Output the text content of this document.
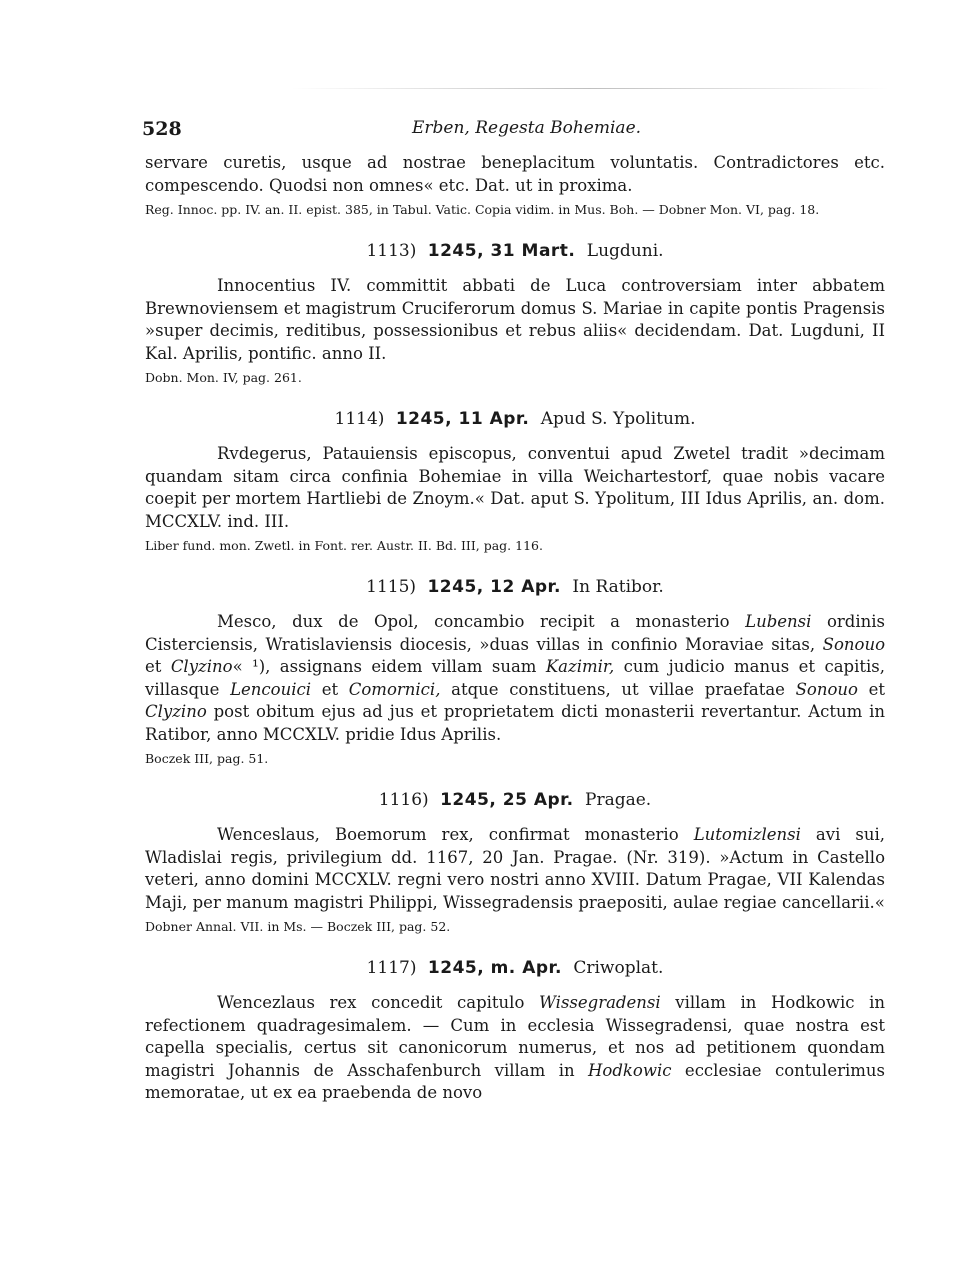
528	Erben, Regesta Bohemiae.

servare curetis, usque ad nostrae beneplacitum voluntatis. Contradictores etc. compescendo. Quodsi non omnes« etc. Dat. ut in proxima.

Reg. Innoc. pp. IV. an. II. epist. 385, in Tabul. Vatic. Copia vidim. in Mus. Boh. — Dobner Mon. VI, pag. 18.
1113) 1245, 31 Mart. Lugduni.

Innocentius IV. committit abbati de Luca controversiam inter abbatem Brewnoviensem et magistrum Cruciferorum domus S. Mariae in capite pontis Pragensis »super decimis, reditibus, possessionibus et rebus aliis« decidendam. Dat. Lugduni, II Kal. Aprilis, pontific. anno II.

Dobn. Mon. IV, pag. 261.
1114) 1245, 11 Apr. Apud S. Ypolitum.

Rvdegerus, Patauiensis episcopus, conventui apud Zwetel tradit »decimam quandam sitam circa confinia Bohemiae in villa Weichartestorf, quae nobis vacare coepit per mortem Hartliebi de Znoym.« Dat. aput S. Ypolitum, III Idus Aprilis, an. dom. MCCXLV. ind. III.

Liber fund. mon. Zwetl. in Font. rer. Austr. II. Bd. III, pag. 116.
1115) 1245, 12 Apr. In Ratibor.

Mesco, dux de Opol, concambio recipit a monasterio Lubensi ordinis Cisterciensis, Wratislaviensis diocesis, »duas villas in confinio Moraviae sitas, Sonouo et Clyzino« ¹), assignans eidem villam suam Kazimir, cum judicio manus et capitis, villasque Lencouici et Comornici, atque constituens, ut villae praefatae Sonouo et Clyzino post obitum ejus ad jus et proprietatem dicti monasterii revertantur. Actum in Ratibor, anno MCCXLV. pridie Idus Aprilis.

Boczek III, pag. 51.
1116) 1245, 25 Apr. Pragae.

Wenceslaus, Boemorum rex, confirmat monasterio Lutomizlensi avi sui, Wladislai regis, privilegium dd. 1167, 20 Jan. Pragae. (Nr. 319). »Actum in Castello veteri, anno domini MCCXLV. regni vero nostri anno XVIII. Datum Pragae, VII Kalendas Maji, per manum magistri Philippi, Wissegradensis praepositi, aulae regiae cancellarii.«

Dobner Annal. VII. in Ms. — Boczek III, pag. 52.
1117) 1245, m. Apr. Criwoplat.

Wencezlaus rex concedit capitulo Wissegradensi villam in Hodkowic in refectionem quadragesimalem. — Cum in ecclesia Wissegradensi, quae nostra est capella specialis, certus sit canonicorum numerus, et nos ad petitionem quondam magistri Johannis de Asschafenburch villam in Hodkowic ecclesiae contulerimus memoratae, ut ex ea praebenda de novo
